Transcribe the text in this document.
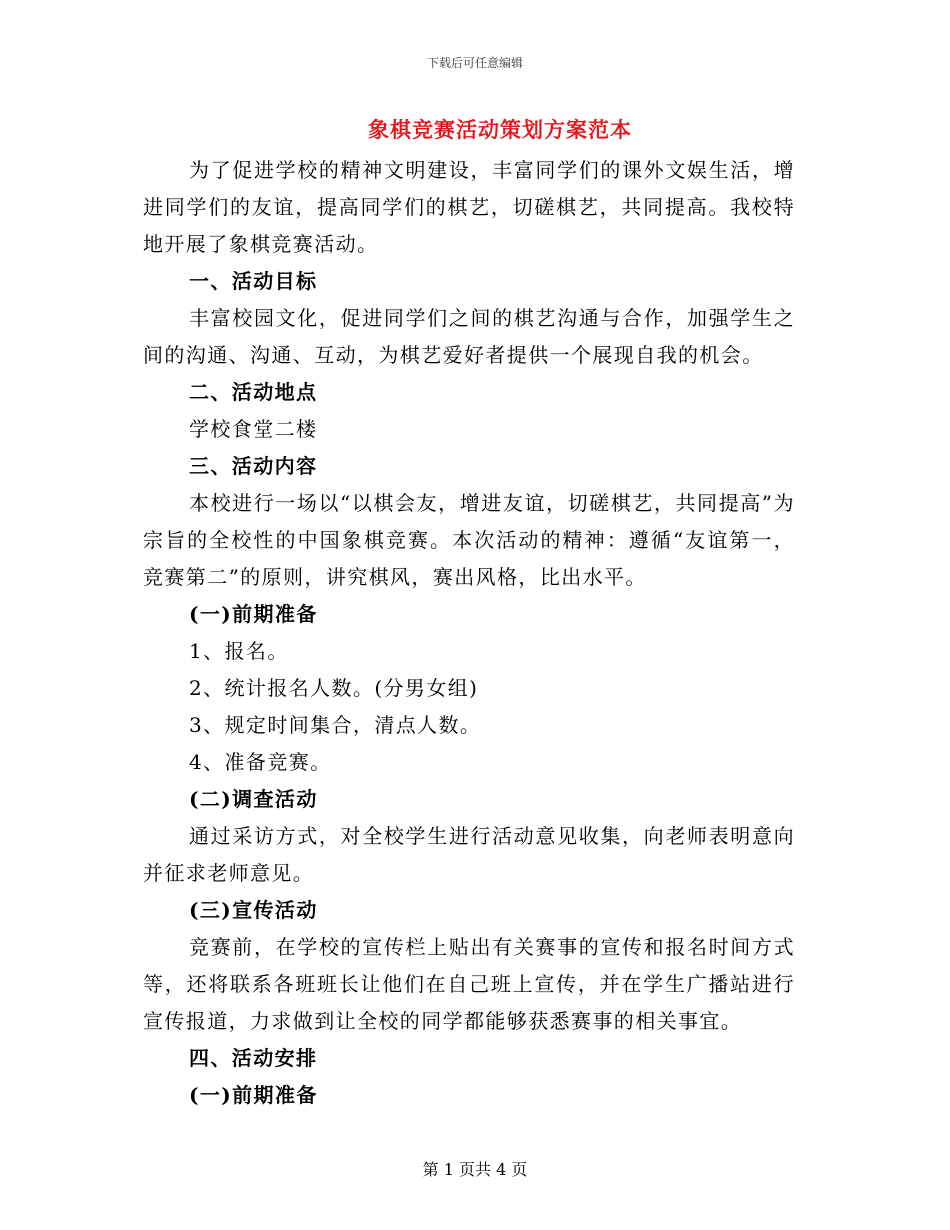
下载后可任意编辑
象棋竞赛活动策划方案范本

为了促进学校的精神文明建设，丰富同学们的课外文娱生活，增进同学们的友谊，提高同学们的棋艺，切磋棋艺，共同提高。我校特地开展了象棋竞赛活动。

一、活动目标

丰富校园文化，促进同学们之间的棋艺沟通与合作，加强学生之间的沟通、沟通、互动，为棋艺爱好者提供一个展现自我的机会。

二、活动地点

学校食堂二楼

三、活动内容

本校进行一场以“以棋会友，增进友谊，切磋棋艺，共同提高”为宗旨的全校性的中国象棋竞赛。本次活动的精神：遵循“友谊第一，竞赛第二”的原则，讲究棋风，赛出风格，比出水平。

(一)前期准备

1、报名。

2、统计报名人数。(分男女组)

3、规定时间集合，清点人数。

4、准备竞赛。

(二)调查活动

通过采访方式，对全校学生进行活动意见收集，向老师表明意向并征求老师意见。

(三)宣传活动

竞赛前，在学校的宣传栏上贴出有关赛事的宣传和报名时间方式等，还将联系各班班长让他们在自己班上宣传，并在学生广播站进行宣传报道，力求做到让全校的同学都能够获悉赛事的相关事宜。

四、活动安排

(一)前期准备

第 1 页共 4 页
